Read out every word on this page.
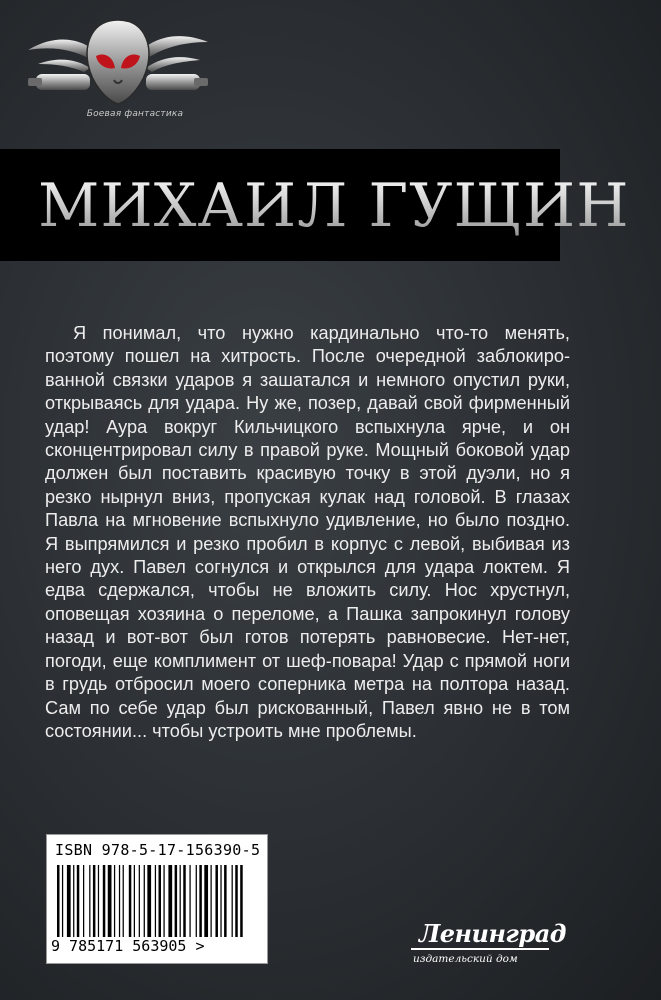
Боевая фантастика
МИХАИЛ ГУЩИН

Я понимал, что нужно кардинально что-то менять, поэтому пошел на хитрость. После очередной заблокированной связки ударов я зашатался и немного опустил руки, открываясь для удара. Ну же, позер, давай свой фирменный удар! Аура вокруг Кильчицкого вспыхнула ярче, и он сконцентрировал силу в правой руке. Мощный боковой удар должен был поставить красивую точку в этой дуэли, но я резко нырнул вниз, пропуская кулак над головой. В глазах Павла на мгновение вспыхнуло удивление, но было поздно. Я выпрямился и резко пробил в корпус с левой, выбивая из него дух. Павел согнулся и открылся для удара локтем. Я едва сдержался, чтобы не вложить силу. Нос хрустнул, оповещая хозяина о переломе, а Пашка запрокинул голову назад и вот-вот был готов потерять равновесие. Нет-нет, погоди, еще комплимент от шеф-повара! Удар с прямой ноги в грудь отбросил моего соперника метра на полтора назад. Сам по себе удар был рискованный, Павел явно не в том состоянии... чтобы устроить мне проблемы.

ISBN 978-5-17-156390-5
9 785171 563905 >	Ленинград
издательский дом
